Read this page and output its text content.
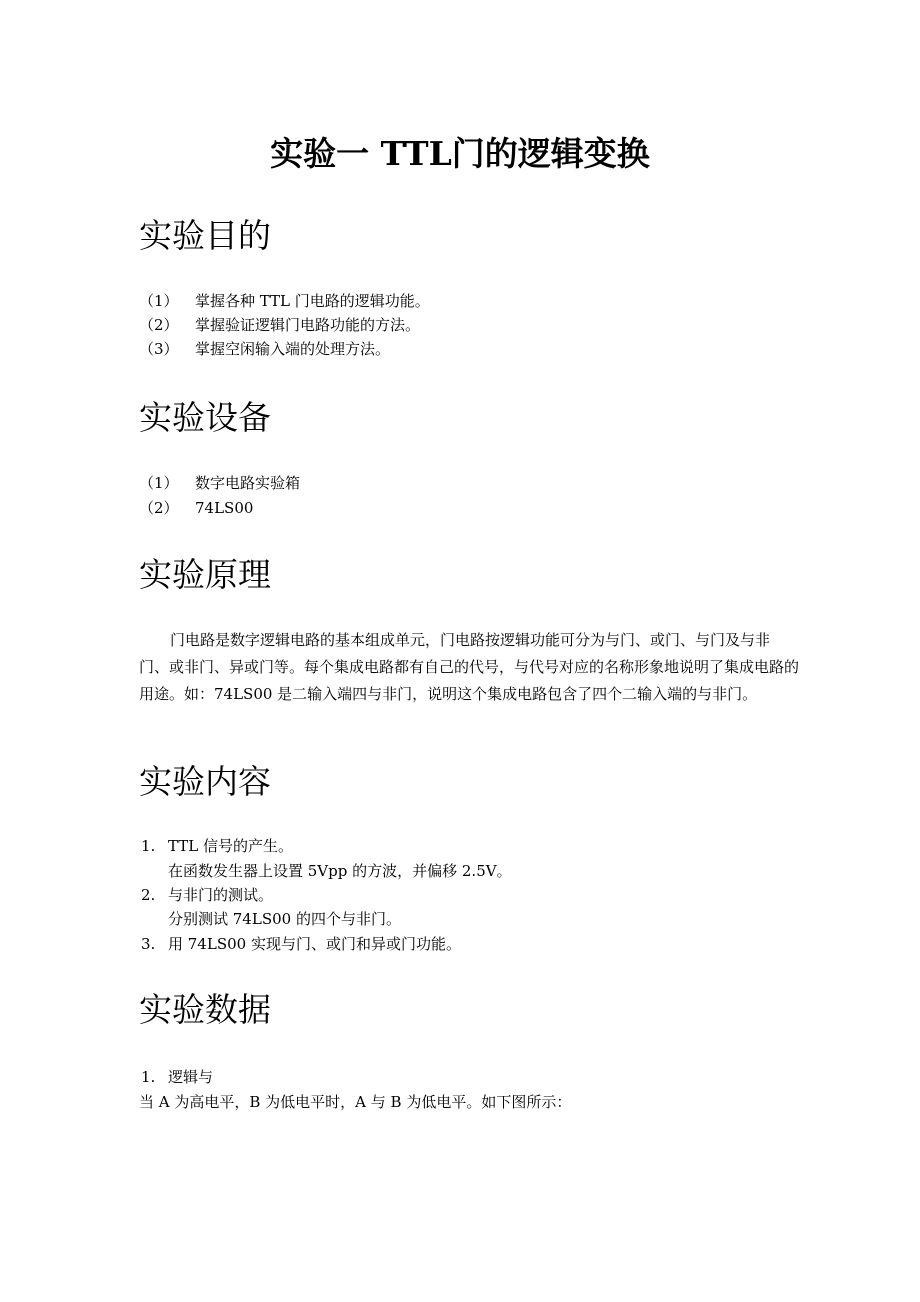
实验一 TTL门的逻辑变换
实验目的
（1） 掌握各种 TTL 门电路的逻辑功能。
（2） 掌握验证逻辑门电路功能的方法。
（3） 掌握空闲输入端的处理方法。
实验设备
（1） 数字电路实验箱
（2） 74LS00
实验原理

门电路是数字逻辑电路的基本组成单元，门电路按逻辑功能可分为与门、或门、与门及与非门、或非门、异或门等。每个集成电路都有自己的代号，与代号对应的名称形象地说明了集成电路的用途。如：74LS00 是二输入端四与非门，说明这个集成电路包含了四个二输入端的与非门。

实验内容
1. TTL 信号的产生。
在函数发生器上设置 5Vpp 的方波，并偏移 2.5V。
2. 与非门的测试。
分别测试 74LS00 的四个与非门。
3. 用 74LS00 实现与门、或门和异或门功能。
实验数据
1. 逻辑与
当 A 为高电平，B 为低电平时，A 与 B 为低电平。如下图所示：
